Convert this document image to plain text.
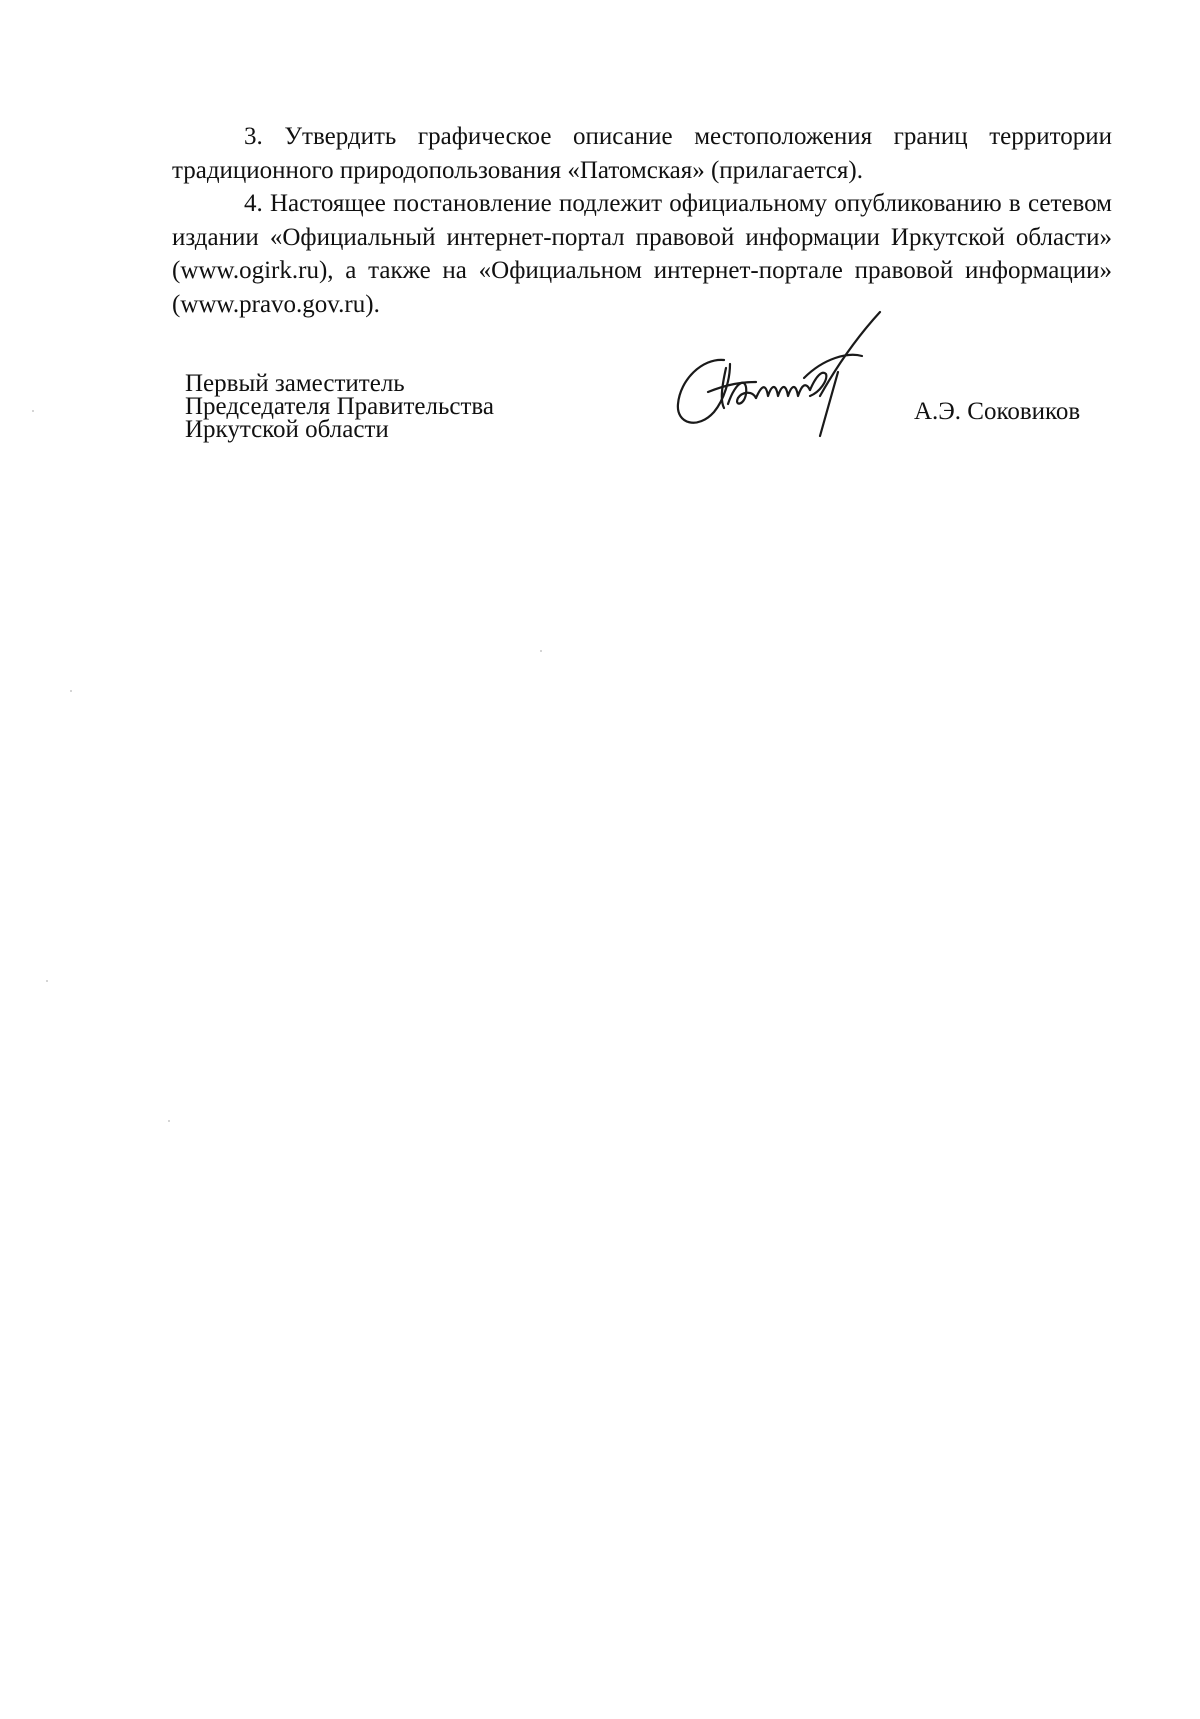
3. Утвердить графическое описание местоположения границ территории традиционного природопользования «Патомская» (прилагается).

4. Настоящее постановление подлежит официальному опубликованию в сетевом издании «Официальный интернет-портал правовой информации Иркутской области» (www.ogirk.ru), а также на «Официальном интернет-портале правовой информации» (www.pravo.gov.ru).

Первый заместитель
Председателя Правительства
Иркутской области
А.Э. Соковиков
